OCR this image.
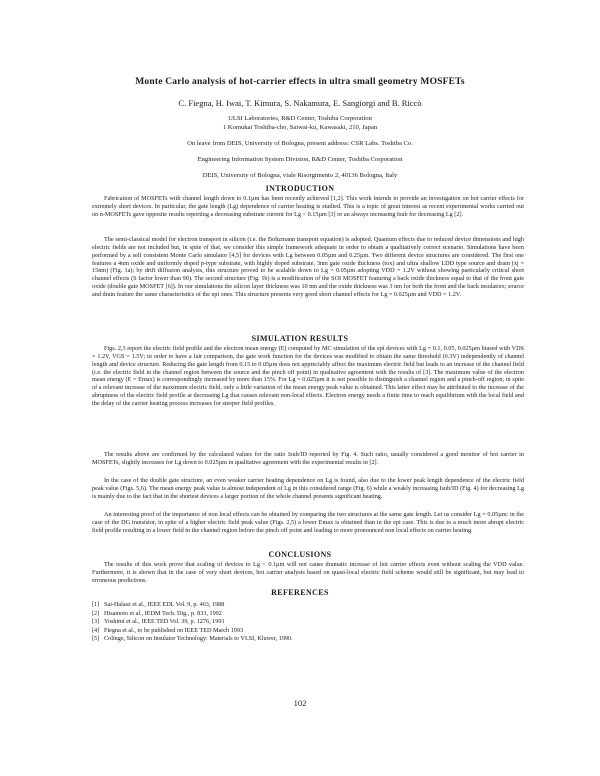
Monte Carlo analysis of hot-carrier effects in ultra small geometry MOSFETs
C. Fiegna, H. Iwai, T. Kimura, S. Nakamura, E. Sangiorgi and B. Riccò
ULSI Laboratories, R&D Center, Toshiba Corporation
1 Komukai Toshiba-cho, Saiwai-ku, Kawasaki, 210, Japan
On leave from DEIS, University of Bologna, present address: CSR Labs. Toshiba Co.
Engineering Information System Division, R&D Center, Toshiba Corporation
DEIS, University of Bologna, viale Risorgimento 2, 40136 Bologna, Italy
INTRODUCTION

Fabrication of MOSFETs with channel length down to 0.1µm has been recently achieved [1,2]. This work intends to provide an investigation on hot carrier effects for extremely short devices. In particular, the gate length (Lg) dependence of carrier heating is studied. This is a topic of great interest as recent experimental works carried out on n-MOSFETs gave opposite results reporting a decreasing substrate current for Lg < 0.15µm [3] or an always increasing Isub for decreasing Lg [2].

The semi-classical model for electron transport in silicon (i.e. the Boltzmann transport equation) is adopted. Quantum effects due to reduced device dimensions and high electric fields are not included but, in spite of that, we consider this simple framework adequate in order to obtain a qualitatively correct scenario. Simulations have been performed by a self consistent Monte Carlo simulator [4,5] for devices with Lg between 0.05µm and 0.25µm. Two different device structures are considered. The first one features a 4nm oxide and uniformly doped p-type substrate, with highly doped substrate, 3nm gate oxide thickness (tox) and ultra shallow LDD type source and drain (xj = 15nm) (Fig. 1a); by drift diffusion analysis, this structure proved to be scalable down to Lg = 0.05µm adopting VDD = 1.2V without showing particularly critical short channel effects (S factor lower than 90). The second structure (Fig. 1b) is a modification of the SOI MOSFET featuring a back oxide thickness equal to that of the front gate oxide (double gate MOSFET [6]). In our simulations the silicon layer thickness was 10 nm and the oxide thickness was 3 nm for both the front and the back insulators; source and drain feature the same characteristics of the epi ones. This structure presents very good short channel effects for Lg = 0.025µm and VDD = 1.2V.

SIMULATION RESULTS

Figs. 2,3 report the electric field profile and the electron mean energy (E) computed by MC simulation of the epi devices with Lg = 0.1, 0.05, 0.025µm biased with VDS = 1.2V, VGS = 1.5V; in order to have a fair comparison, the gate work function for the devices was modified to obtain the same threshold (0.3V) independently of channel length and device structure. Reducing the gate length from 0.15 to 0.05µm does not appreciably affect the maximum electric field but leads to an increase of the channel field (i.e. the electric field in the channel region between the source and the pinch off point) in qualitative agreement with the results of [3]. The maximum value of the electron mean energy (E = Emax) is correspondingly increased by more than 15%. For Lg = 0.025µm it is not possible to distinguish a channel region and a pinch-off region; in spite of a relevant increase of the maximum electric field, only a little variation of the mean energy peak value is obtained. This latter effect may be attributed to the increase of the abruptness of the electric field profile at decreasing Lg that causes relevant non-local effects. Electron energy needs a finite time to reach equilibrium with the local field and the delay of the carrier heating process increases for steeper field profiles.

The results above are confirmed by the calculated values for the ratio Isub/ID reported by Fig. 4. Such ratio, usually considered a good monitor of hot carrier in MOSFETs, slightly increases for Lg down to 0.025µm in qualitative agreement with the experimental results in [2].

In the case of the double gate structure, an even weaker carrier heating dependence on Lg is found, also due to the lower peak length dependence of the electric field peak value (Figs. 5,6). The mean energy peak value is almost independent of Lg in this considered range (Fig. 6) while a weakly increasing Isub/ID (Fig. 4) for decreasing Lg is mainly due to the fact that in the shortest devices a larger portion of the whole channel presents significant heating.

An interesting proof of the importance of non local effects can be obtained by comparing the two structures at the same gate length. Let us consider Lg = 0.05µm: in the case of the DG transistor, in spite of a higher electric field peak value (Figs. 2,5) a lower Emax is obtained than in the epi case. This is due to a much more abrupt electric field profile resulting in a lower field in the channel region before the pinch off point and leading to more pronounced non local effects on carrier heating.

CONCLUSIONS

The results of this work prove that scaling of devices to Lg < 0.1µm will not cause dramatic increase of hot carrier effects even without scaling the VDD value. Furthermore, it is shown that in the case of very short devices, hot carrier analysis based on quasi-local electric field scheme would still be significant, but may lead to erroneous predictions.

REFERENCES
[1] Sai-Halasz et al., IEEE EDL Vol. 9, p. 463, 1988
[2] Hisamoto et al., IEDM Tech. Dig., p. 833, 1992
[3] Yoshimi et al., IEEE TED Vol. 39, p. 1276, 1991
[4] Fiegna et al., to be published on IEEE TED March 1993
[5] Colinge, Silicon on Insulator Technology: Materials to VLSI, Kluwer, 1990.
102
